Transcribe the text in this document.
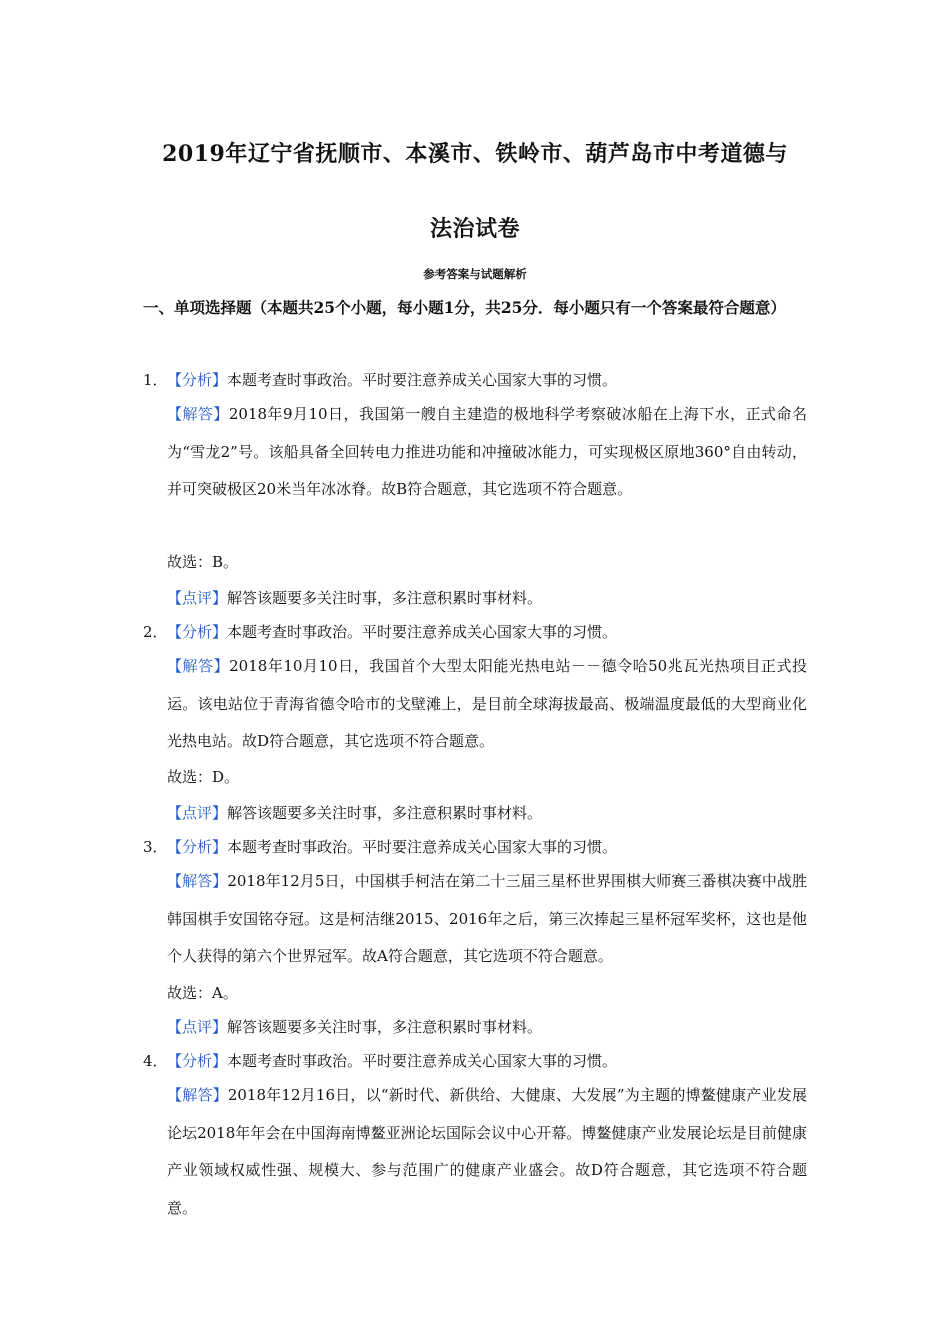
2019年辽宁省抚顺市、本溪市、铁岭市、葫芦岛市中考道德与
法治试卷
参考答案与试题解析
一、单项选择题（本题共25个小题，每小题1分，共25分．每小题只有一个答案最符合题意）
1． 【分析】本题考查时事政治。平时要注意养成关心国家大事的习惯。
【解答】2018年9月10日，我国第一艘自主建造的极地科学考察破冰船在上海下水，正式命名为“雪龙2”号。该船具备全回转电力推进功能和冲撞破冰能力，可实现极区原地360°自由转动，并可突破极区20米当年冰冰脊。故B符合题意，其它选项不符合题意。
故选：B。
【点评】解答该题要多关注时事，多注意积累时事材料。
2． 【分析】本题考查时事政治。平时要注意养成关心国家大事的习惯。
【解答】2018年10月10日，我国首个大型太阳能光热电站－－德令哈50兆瓦光热项目正式投运。该电站位于青海省德令哈市的戈壁滩上，是目前全球海拔最高、极端温度最低的大型商业化光热电站。故D符合题意，其它选项不符合题意。
故选：D。
【点评】解答该题要多关注时事，多注意积累时事材料。
3． 【分析】本题考查时事政治。平时要注意养成关心国家大事的习惯。
【解答】2018年12月5日，中国棋手柯洁在第二十三届三星杯世界围棋大师赛三番棋决赛中战胜韩国棋手安国铭夺冠。这是柯洁继2015、2016年之后，第三次捧起三星杯冠军奖杯，这也是他个人获得的第六个世界冠军。故A符合题意，其它选项不符合题意。
故选：A。
【点评】解答该题要多关注时事，多注意积累时事材料。
4． 【分析】本题考查时事政治。平时要注意养成关心国家大事的习惯。
【解答】2018年12月16日，以“新时代、新供给、大健康、大发展”为主题的博鳌健康产业发展论坛2018年年会在中国海南博鳌亚洲论坛国际会议中心开幕。博鳌健康产业发展论坛是目前健康产业领域权威性强、规模大、参与范围广的健康产业盛会。故D符合题意，其它选项不符合题意。
